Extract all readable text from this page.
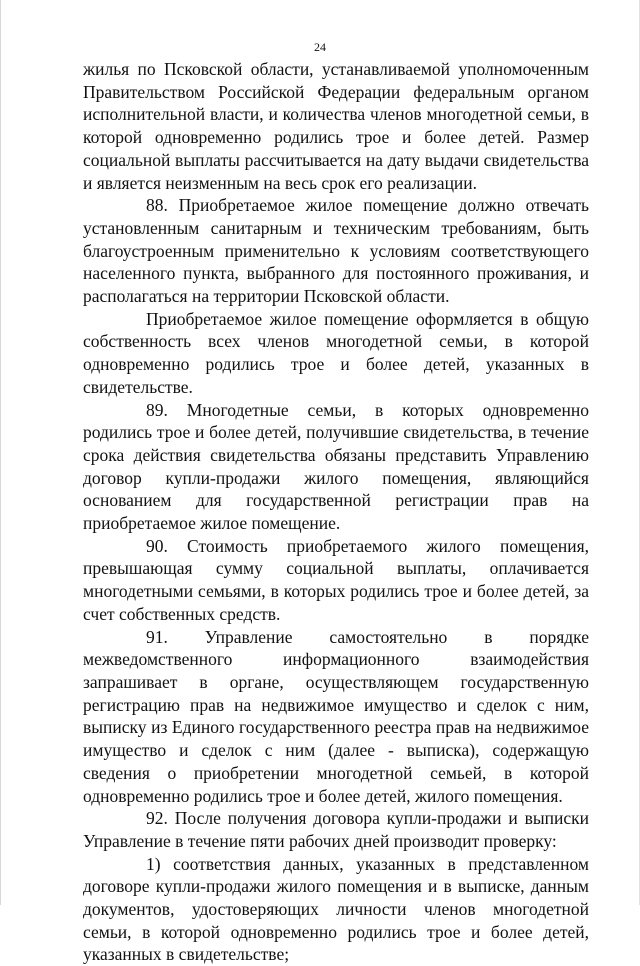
24

жилья по Псковской области, устанавливаемой уполномоченным Правительством Российской Федерации федеральным органом исполнительной власти, и количества членов многодетной семьи, в которой одновременно родились трое и более детей. Размер социальной выплаты рассчитывается на дату выдачи свидетельства и является неизменным на весь срок его реализации.

88. Приобретаемое жилое помещение должно отвечать установленным санитарным и техническим требованиям, быть благоустроенным применительно к условиям соответствующего населенного пункта, выбранного для постоянного проживания, и располагаться на территории Псковской области.

Приобретаемое жилое помещение оформляется в общую собственность всех членов многодетной семьи, в которой одновременно родились трое и более детей, указанных в свидетельстве.

89. Многодетные семьи, в которых одновременно родились трое и более детей, получившие свидетельства, в течение срока действия свидетельства обязаны представить Управлению договор купли-продажи жилого помещения, являющийся основанием для государственной регистрации прав на приобретаемое жилое помещение.

90. Стоимость приобретаемого жилого помещения, превышающая сумму социальной выплаты, оплачивается многодетными семьями, в которых родились трое и более детей, за счет собственных средств.

91. Управление самостоятельно в порядке межведомственного информационного взаимодействия запрашивает в органе, осуществляющем государственную регистрацию прав на недвижимое имущество и сделок с ним, выписку из Единого государственного реестра прав на недвижимое имущество и сделок с ним (далее - выписка), содержащую сведения о приобретении многодетной семьей, в которой одновременно родились трое и более детей, жилого помещения.

92. После получения договора купли-продажи и выписки Управление в течение пяти рабочих дней производит проверку:

1) соответствия данных, указанных в представленном договоре купли-продажи жилого помещения и в выписке, данным документов, удостоверяющих личности членов многодетной семьи, в которой одновременно родились трое и более детей, указанных в свидетельстве;
